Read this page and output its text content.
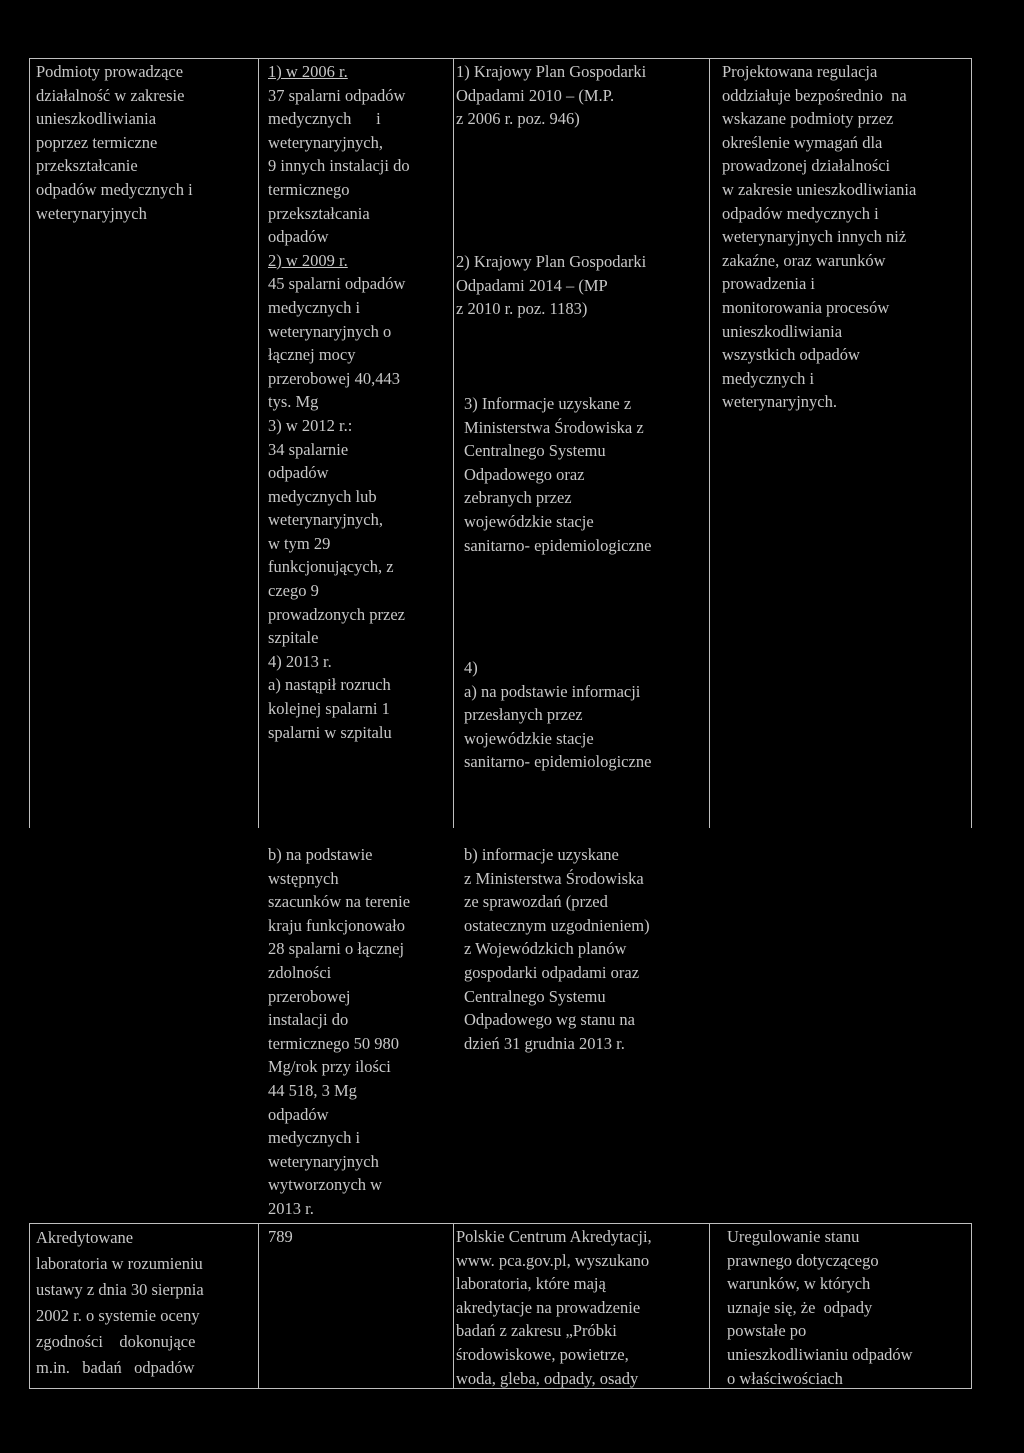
Podmioty prowadzące
działalność w zakresie
unieszkodliwiania
poprzez termiczne
przekształcanie
odpadów medycznych i
weterynaryjnych
1) w 2006 r.
37 spalarni odpadów
medycznych      i
weterynaryjnych,
9 innych instalacji do
termicznego
przekształcania
odpadów
2) w 2009 r.
45 spalarni odpadów
medycznych i
weterynaryjnych o
łącznej mocy
przerobowej 40,443
tys. Mg
3) w 2012 r.:
34 spalarnie
odpadów
medycznych lub
weterynaryjnych,
w tym 29
funkcjonujących, z
czego 9
prowadzonych przez
szpitale
4) 2013 r.
a) nastąpił rozruch
kolejnej spalarni 1
spalarni w szpitalu
b) na podstawie
wstępnych
szacunków na terenie
kraju funkcjonowało
28 spalarni o łącznej
zdolności
przerobowej
instalacji do
termicznego 50 980
Mg/rok przy ilości
44 518, 3 Mg
odpadów
medycznych i
weterynaryjnych
wytworzonych w
2013 r.
1) Krajowy Plan Gospodarki
Odpadami 2010 – (M.P.
z 2006 r. poz. 946)
2) Krajowy Plan Gospodarki
Odpadami 2014 – (MP
z 2010 r. poz. 1183)
3) Informacje uzyskane z
Ministerstwa Środowiska z
Centralnego Systemu
Odpadowego oraz
zebranych przez
wojewódzkie stacje
sanitarno- epidemiologiczne
4)
a) na podstawie informacji
przesłanych przez
wojewódzkie stacje
sanitarno- epidemiologiczne
b) informacje uzyskane
z Ministerstwa Środowiska
ze sprawozdań (przed
ostatecznym uzgodnieniem)
z Wojewódzkich planów
gospodarki odpadami oraz
Centralnego Systemu
Odpadowego wg stanu na
dzień 31 grudnia 2013 r.
Projektowana regulacja
oddziałuje bezpośrednio  na
wskazane podmioty przez
określenie wymagań dla
prowadzonej działalności
w zakresie unieszkodliwiania
odpadów medycznych i
weterynaryjnych innych niż
zakaźne, oraz warunków
prowadzenia i
monitorowania procesów
unieszkodliwiania
wszystkich odpadów
medycznych i
weterynaryjnych.
Akredytowane
laboratoria w rozumieniu
ustawy z dnia 30 sierpnia
2002 r. o systemie oceny
zgodności    dokonujące
m.in.   badań   odpadów
789	Polskie Centrum Akredytacji,
www. pca.gov.pl, wyszukano
laboratoria, które mają
akredytacje na prowadzenie
badań z zakresu „Próbki
środowiskowe, powietrze,
woda, gleba, odpady, osady
Uregulowanie stanu
prawnego dotyczącego
warunków, w których
uznaje się, że  odpady
powstałe po
unieszkodliwianiu odpadów
o właściwościach
